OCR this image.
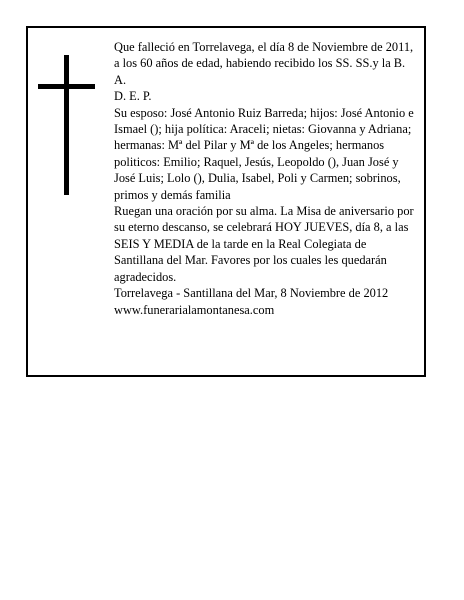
Que falleció en Torrelavega, el día 8 de Noviembre de 2011, a los 60 años de edad, habiendo recibido los SS. SS.y la B. A.

D. E. P.

Su esposo: José Antonio Ruiz Barreda; hijos: José Antonio e Ismael (); hija política: Araceli; nietas: Giovanna y Adriana; hermanas: Mª del Pilar y Mª de los Angeles; hermanos politicos: Emilio; Raquel, Jesús, Leopoldo (), Juan José y José Luis; Lolo (), Dulia, Isabel, Poli y Carmen; sobrinos, primos y demás familia

Ruegan una oración por su alma. La Misa de aniversario por su eterno descanso, se celebrará HOY JUEVES, día 8, a las SEIS Y MEDIA de la tarde en la Real Colegiata de Santillana del Mar. Favores por los cuales les quedarán agradecidos.

Torrelavega - Santillana del Mar, 8 Noviembre de 2012

www.funerarialamontanesa.com
